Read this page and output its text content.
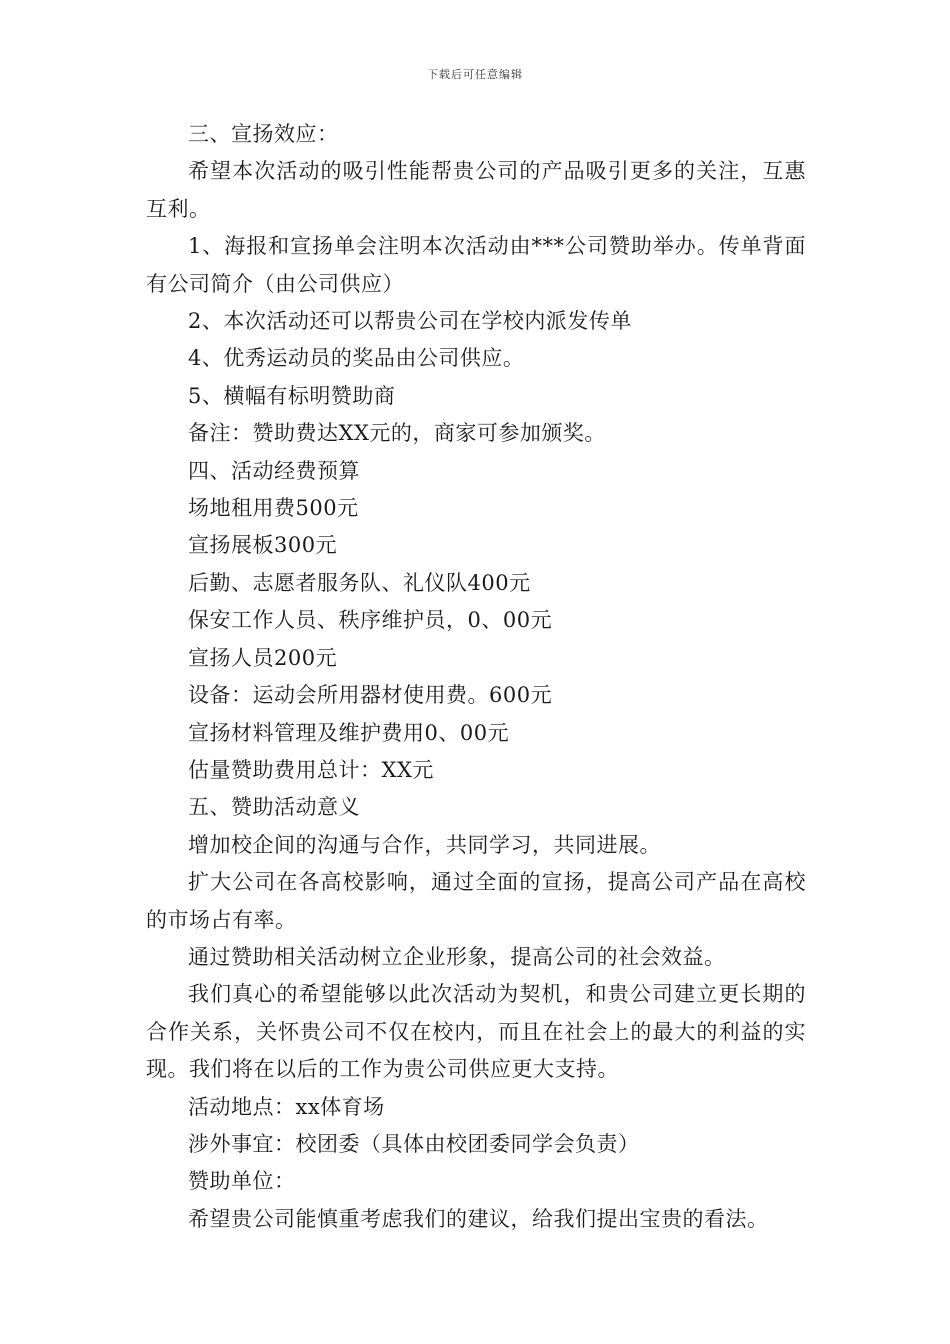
下载后可任意编辑

三、宣扬效应：

希望本次活动的吸引性能帮贵公司的产品吸引更多的关注，互惠互利。

1、海报和宣扬单会注明本次活动由***公司赞助举办。传单背面有公司简介（由公司供应）

2、本次活动还可以帮贵公司在学校内派发传单

4、优秀运动员的奖品由公司供应。

5、横幅有标明赞助商

备注：赞助费达XX元的，商家可参加颁奖。

四、活动经费预算

场地租用费500元

宣扬展板300元

后勤、志愿者服务队、礼仪队400元

保安工作人员、秩序维护员，0、00元

宣扬人员200元

设备：运动会所用器材使用费。600元

宣扬材料管理及维护费用0、00元

估量赞助费用总计：XX元

五、赞助活动意义

增加校企间的沟通与合作，共同学习，共同进展。

扩大公司在各高校影响，通过全面的宣扬，提高公司产品在高校的市场占有率。

通过赞助相关活动树立企业形象，提高公司的社会效益。

我们真心的希望能够以此次活动为契机，和贵公司建立更长期的合作关系，关怀贵公司不仅在校内，而且在社会上的最大的利益的实现。我们将在以后的工作为贵公司供应更大支持。

活动地点：xx体育场

涉外事宜：校团委（具体由校团委同学会负责）

赞助单位：

希望贵公司能慎重考虑我们的建议，给我们提出宝贵的看法。
